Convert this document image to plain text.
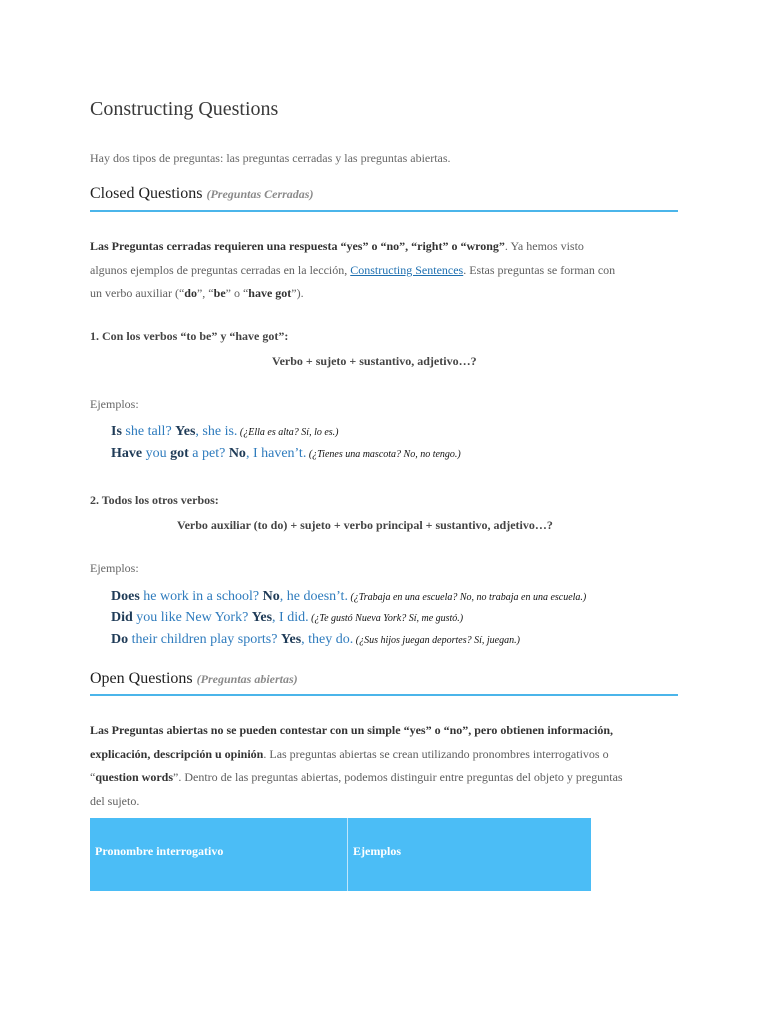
Constructing Questions
Hay dos tipos de preguntas: las preguntas cerradas y las preguntas abiertas.
Closed Questions (Preguntas Cerradas)
Las Preguntas cerradas requieren una respuesta “yes” o “no”, “right” o “wrong”. Ya hemos visto
algunos ejemplos de preguntas cerradas en la lección, Constructing Sentences. Estas preguntas se forman con
un verbo auxiliar (“do”, “be” o “have got”).
1. Con los verbos “to be” y “have got”:
Verbo + sujeto + sustantivo, adjetivo…?
Ejemplos:
Is she tall? Yes, she is. (¿Ella es alta? Sí, lo es.)
Have you got a pet? No, I haven’t. (¿Tienes una mascota? No, no tengo.)
2. Todos los otros verbos:
Verbo auxiliar (to do) + sujeto + verbo principal + sustantivo, adjetivo…?
Ejemplos:
Does he work in a school? No, he doesn’t. (¿Trabaja en una escuela? No, no trabaja en una escuela.)
Did you like New York? Yes, I did. (¿Te gustó Nueva York? Sí, me gustó.)
Do their children play sports? Yes, they do. (¿Sus hijos juegan deportes? Sí, juegan.)
Open Questions (Preguntas abiertas)
Las Preguntas abiertas no se pueden contestar con un simple “yes” o “no”, pero obtienen información,
explicación, descripción u opinión. Las preguntas abiertas se crean utilizando pronombres interrogativos o
“question words”. Dentro de las preguntas abiertas, podemos distinguir entre preguntas del objeto y preguntas
del sujeto.
Pronombre interrogativo	Ejemplos
